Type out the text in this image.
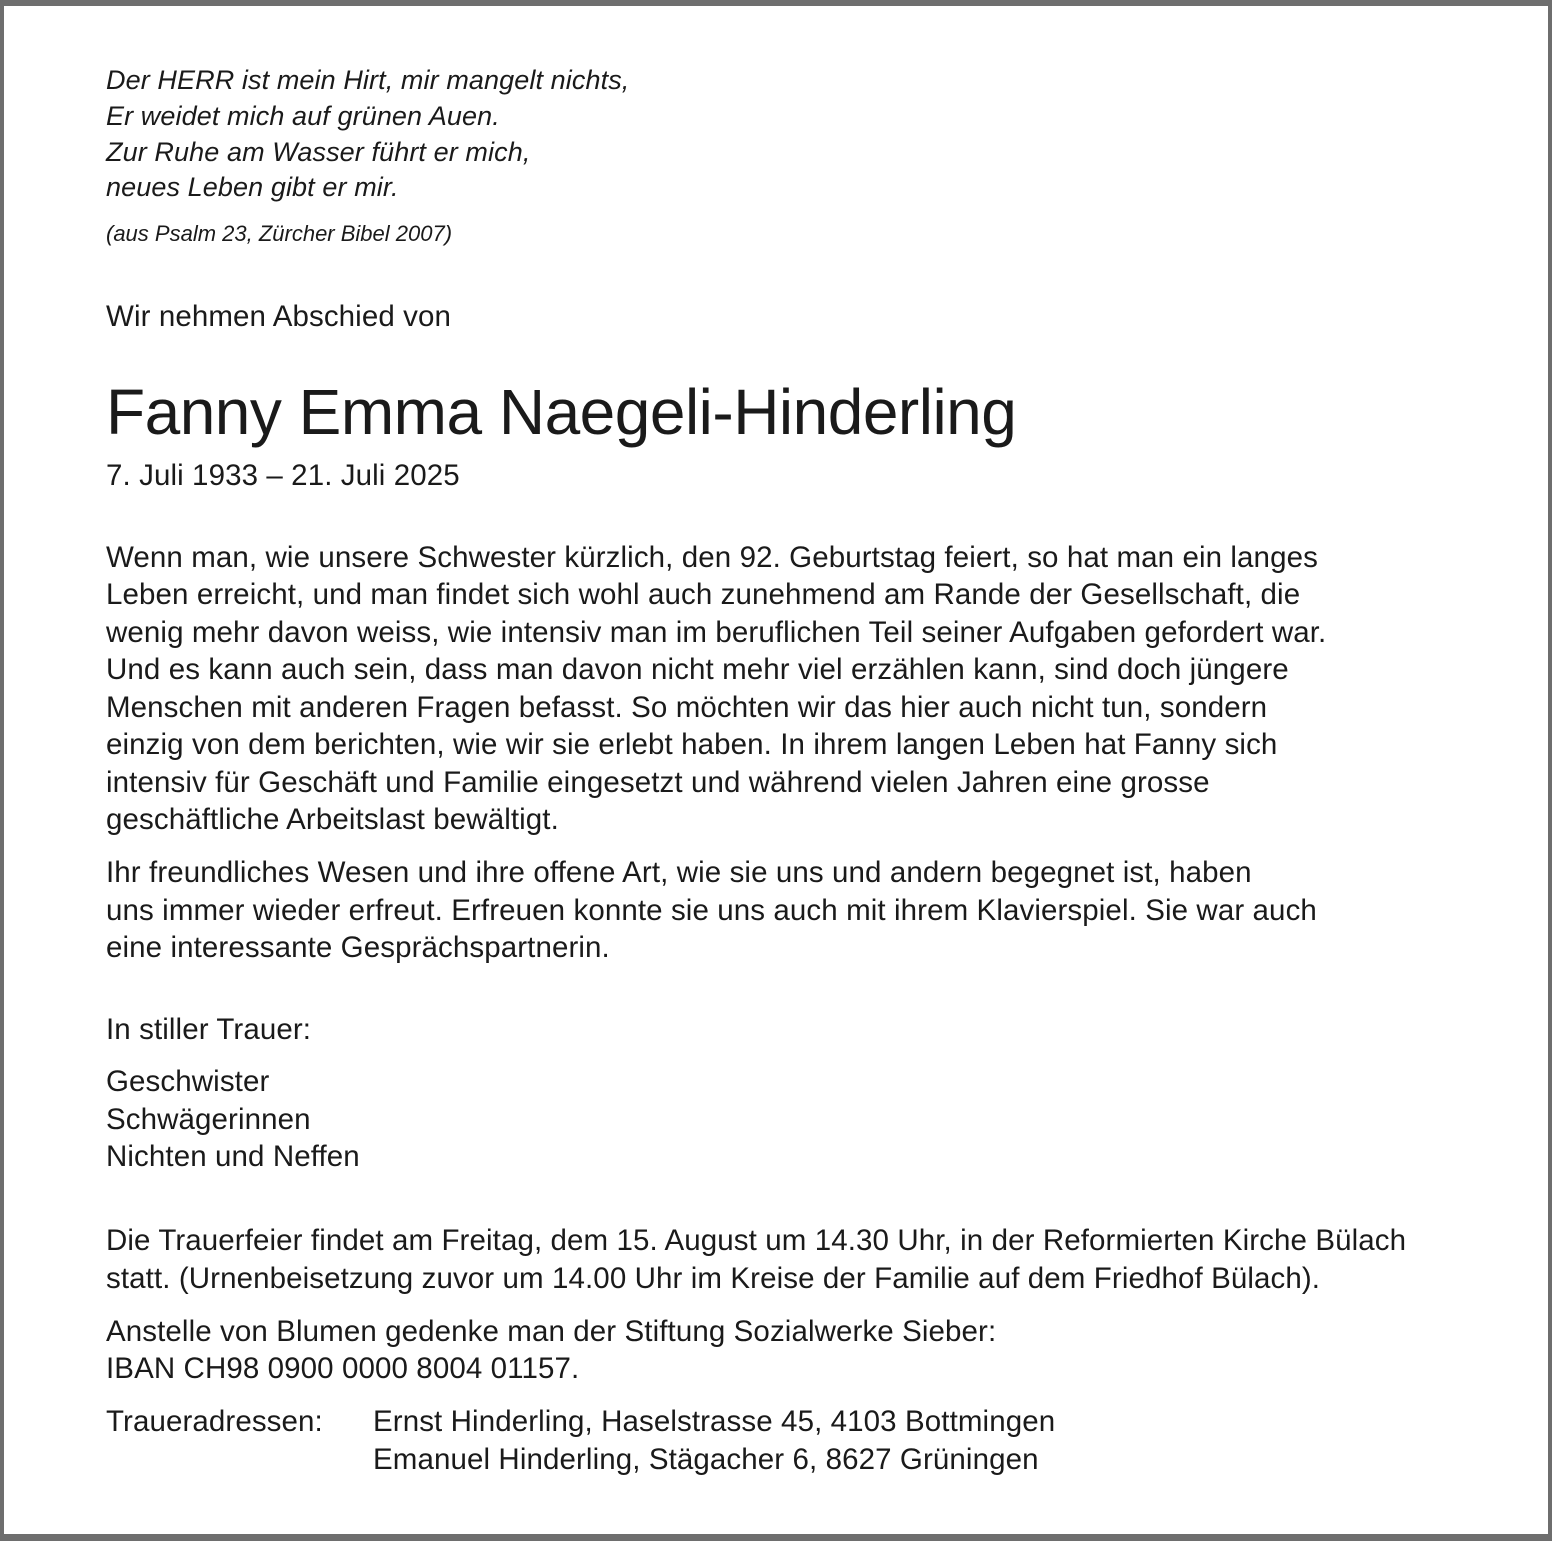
Der HERR ist mein Hirt, mir mangelt nichts,
Er weidet mich auf grünen Auen.
Zur Ruhe am Wasser führt er mich,
neues Leben gibt er mir.
(aus Psalm 23, Zürcher Bibel 2007)
Wir nehmen Abschied von
Fanny Emma Naegeli-Hinderling
7. Juli 1933 – 21. Juli 2025
Wenn man, wie unsere Schwester kürzlich, den 92. Geburtstag feiert, so hat man ein langes
Leben erreicht, und man findet sich wohl auch zunehmend am Rande der Gesellschaft, die
wenig mehr davon weiss, wie intensiv man im beruflichen Teil seiner Aufgaben gefordert war.
Und es kann auch sein, dass man davon nicht mehr viel erzählen kann, sind doch jüngere
Menschen mit anderen Fragen befasst. So möchten wir das hier auch nicht tun, sondern
einzig von dem berichten, wie wir sie erlebt haben. In ihrem langen Leben hat Fanny sich
intensiv für Geschäft und Familie eingesetzt und während vielen Jahren eine grosse
geschäftliche Arbeitslast bewältigt.
Ihr freundliches Wesen und ihre offene Art, wie sie uns und andern begegnet ist, haben
uns immer wieder erfreut. Erfreuen konnte sie uns auch mit ihrem Klavierspiel. Sie war auch
eine interessante Gesprächspartnerin.
In stiller Trauer:
Geschwister
Schwägerinnen
Nichten und Neffen
Die Trauerfeier findet am Freitag, dem 15. August um 14.30 Uhr, in der Reformierten Kirche Bülach
statt. (Urnenbeisetzung zuvor um 14.00 Uhr im Kreise der Familie auf dem Friedhof Bülach).
Anstelle von Blumen gedenke man der Stiftung Sozialwerke Sieber:
IBAN CH98 0900 0000 8004 01157.
Traueradressen: Ernst Hinderling, Haselstrasse 45, 4103 Bottmingen
Emanuel Hinderling, Stägacher 6, 8627 Grüningen
